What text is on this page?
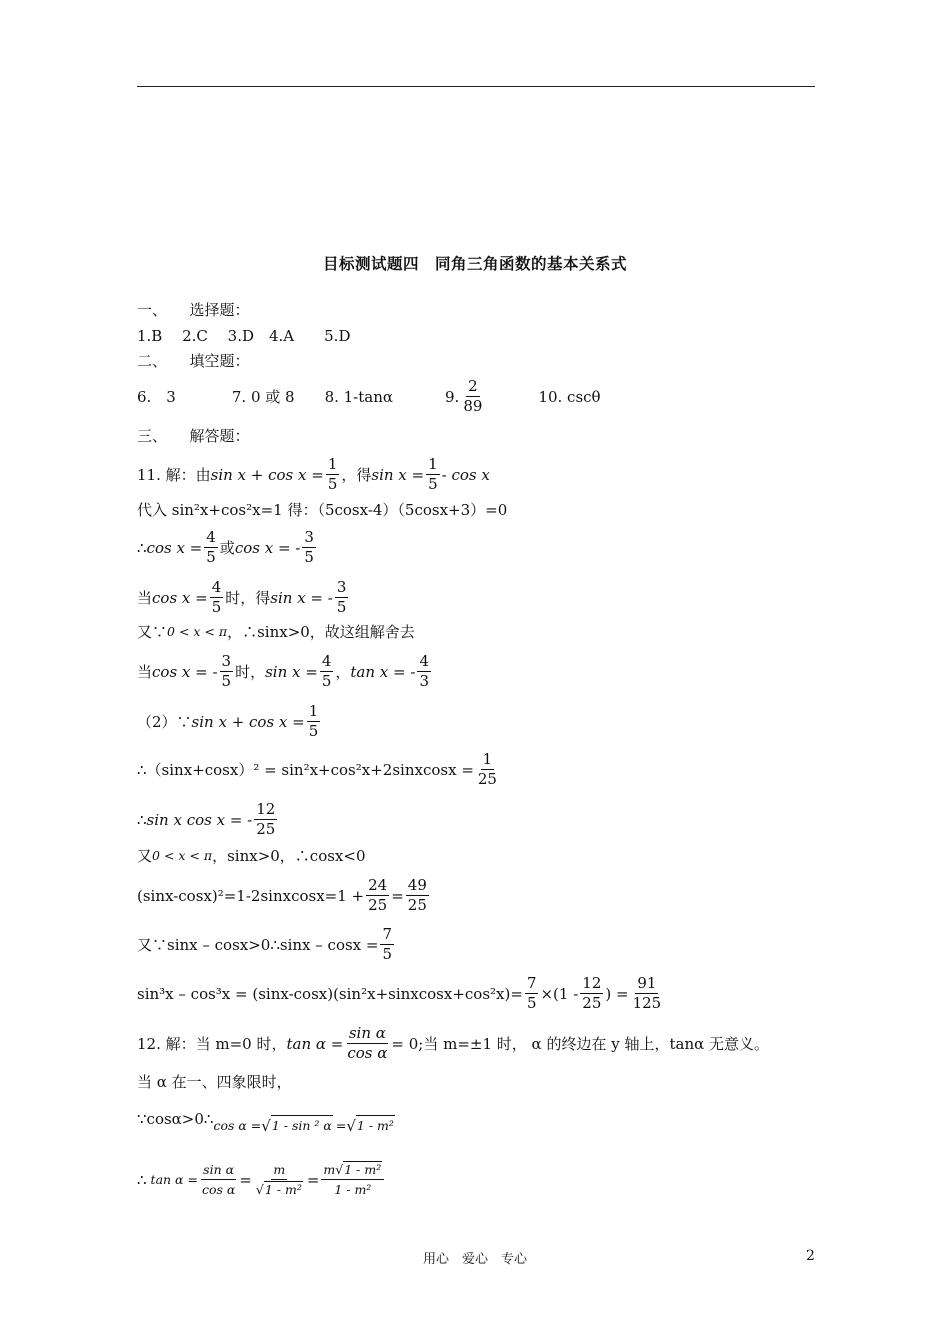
目标测试题四　同角三角函数的基本关系式
一、　　选择题：
1.B　 2.C　 3.D　4.A　　5.D
二、　　填空题：
6.　3	7. 0 或 8 8. 1-tanα	9.
2
89
10. cscθ
三、　　解答题：
11. 解：由 $\sin x + \cos x = \frac{1}{5}$ ，得 $\sin x = \frac{1}{5} - \cos x$
代入 sin²x+cos²x=1 得：（5cosx-4）（5cosx+3）=0
∴ $\cos x = \frac{4}{5}$ 或 cos x = -
3
5
当 $\cos x = \frac{4}{5}$ 时，得 sin x = -
3
5
又∵ 0 < x < π ，∴sinx>0，故这组解舍去
当 cos x = -
3
5
时， $\sin x = \frac{4}{5}$ ， tan x = -
4
3
（2）∵ $\sin x + \cos x = \frac{1}{5}$
∴（sinx+cosx）² = sin²x+cos²x+2sinxcosx = $\frac{1}{25}$
∴ sin x cos x = -
12
25
又 0 < x < π ，sinx>0，∴cosx<0
(sinx-cosx)²=1-2sinxcosx= $1 + \frac{24}{25} = \frac{49}{25}$
又∵sinx – cosx>0∴sinx – $\cos x = \frac{7}{5}$
sin³x – cos³x = (sinx-cosx)(sin²x+sinxcosx+cos²x)= $\frac{7}{5} \times(1$ -
12
25
) = $\frac{91}{125}$
12. 解：当 m=0 时， $\tan \alpha = \frac{\text{sin α}}{\text{cos α}} = 0$ ;当 m=±1 时， α 的终边在 y 轴上，tanα 无意义。
当 α 在一、四象限时，
∵cosα>0∴ cos α = √ 1 - sin ² α = √ 1 - m²
∴ $\tan \alpha = \frac{\text{sin α}}{\text{cos α}} = \frac{m}{\text{√1 - m²}} = \frac{\text{m√1 - m²}}{\text{1 - m²}}$
用心　爱心　专心	2
